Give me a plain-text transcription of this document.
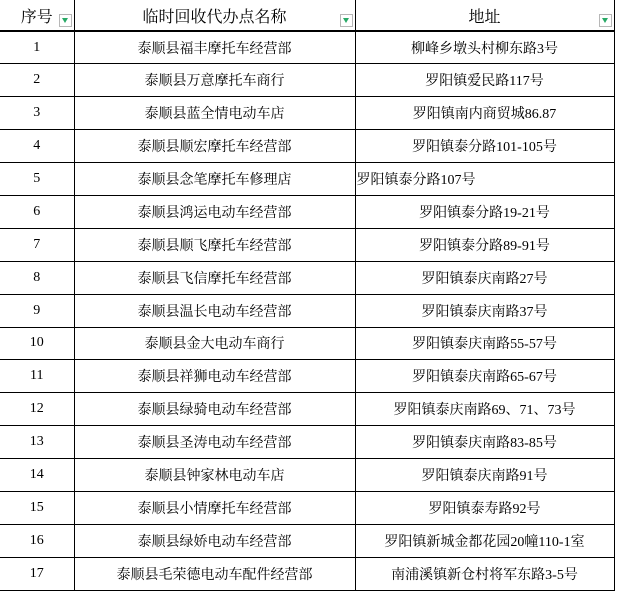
序号	临时回收代办点名称	地址

1	泰顺县福丰摩托车经营部	柳峰乡墩头村柳东路3号
2	泰顺县万意摩托车商行	罗阳镇爱民路117号
3	泰顺县蓝全情电动车店	罗阳镇南内商贸城86.87
4	泰顺县顺宏摩托车经营部	罗阳镇泰分路101-105号
5	泰顺县念笔摩托车修理店	罗阳镇泰分路107号
6	泰顺县鸿运电动车经营部	罗阳镇泰分路19-21号
7	泰顺县顺飞摩托车经营部	罗阳镇泰分路89-91号
8	泰顺县飞信摩托车经营部	罗阳镇泰庆南路27号
9	泰顺县温长电动车经营部	罗阳镇泰庆南路37号
10	泰顺县金大电动车商行	罗阳镇泰庆南路55-57号
11	泰顺县祥狮电动车经营部	罗阳镇泰庆南路65-67号
12	泰顺县绿骑电动车经营部	罗阳镇泰庆南路69、71、73号
13	泰顺县圣涛电动车经营部	罗阳镇泰庆南路83-85号
14	泰顺县钟家林电动车店	罗阳镇泰庆南路91号
15	泰顺县小情摩托车经营部	罗阳镇泰寿路92号
16	泰顺县绿娇电动车经营部	罗阳镇新城金都花园20幢110-1室
17	泰顺县毛荣德电动车配件经营部	南浦溪镇新仓村将军东路3-5号
